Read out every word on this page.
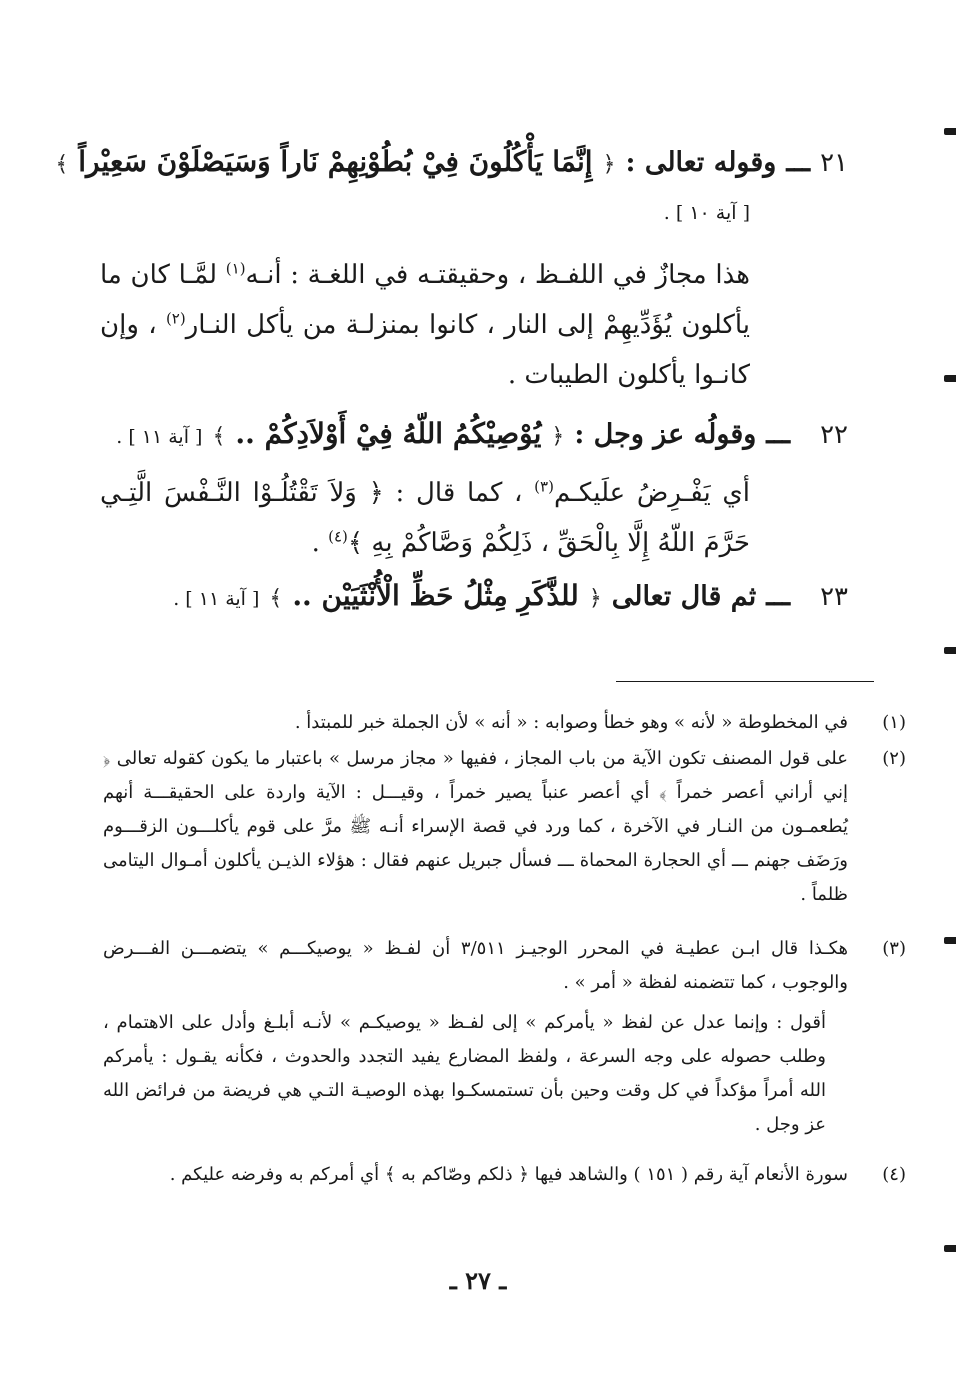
٢١
ـــ
وقوله تعالى :
﴿
إِنَّمَا يَأْكُلُونَ فِيْ بُطُوْنِهِمْ نَاراً وَسَيَصْلَوْنَ سَعِيْراً
﴾
[ آية ١٠ ] .
هذا مجازٌ في اللفـظ ، وحقيقتـه في اللغـة : أنـه$^{(١)}$ لمَّـا كان ما يأكلون يُؤَدِّيهِمْ إلى النار ، كانوا بمنزلـة من يأكل النـار$^{(٢)}$ ، وإن كانـوا يأكلون الطيبات .
٢٢
ـــ
وقولُه عز وجل :
﴿
يُوْصِيْكُمُ اللّهُ فِيْ أَوْلاَدِكُمْ ..
﴾
[ آية ١١ ] .
أي يَفْـرِضُ علَيكـم$^{(٣)}$ ، كما قال : ﴿ وَلاَ تَقْتُلُـوْا النَّـفْسَ الَّتِـي حَرَّمَ اللّهُ إِلَّا بِالْحَقِّ ، ذَلِكُمْ وَصَّاكُمْ بِهِ ﴾$^{(٤)}$ .
٢٣
ـــ
ثم قال تعالى
﴿
للذَّكَرِ مِثْلُ حَظِّ الْأُنْثَيَيْن ..
﴾
[ آية ١١ ] .
(١)
في المخطوطة « لأنه » وهو خطأ وصوابه : « أنه » لأن الجملة خبر للمبتدأ .
(٢)
على قول المصنف تكون الآية من باب المجاز ، ففيها « مجاز مرسل » باعتبار ما يكون كقوله تعالى ﴿ إني أراني أعصر خمراً ﴾ أي أعصر عنباً يصير خمراً ، وقيـــل : الآية واردة على الحقيقـــة أنهم يُطعمـون من النـار في الآخرة ، كما ورد في قصة الإسراء أنـه ﷺ مرَّ على قوم يأكلـــون الزقـــوم ورَضَف جهنم ـــ أي الحجارة المحماة ـــ فسأل جبريل عنهم فقال : هؤلاء الذيـن يأكلون أمـوال اليتامى ظلماً .
(٣)
هكـذا قال ابـن عطيـة في المحرر الوجيـز ٣/٥١١ أن لفـظ « يوصيكـــم » يتضمـــن الفـــرض والوجوب ، كما تتضمنه لفظة « أمر » .
أقول : وإنما عدل عن لفظ « يأمركم » إلى لفـظ « يوصيكـم » لأنـه أبلـغ وأدل على الاهتمام ، وطلب حصوله على وجه السرعة ، ولفظ المضارع يفيد التجدد والحدوث ، فكأنه يقـول : يأمركم الله أمراً مؤكداً في كل وقت وحين بأن تستمسكـوا بهذه الوصيـة التـي هي فريضة من فرائض الله عز وجل .
(٤)
سورة الأنعام آية رقم ( ١٥١ ) والشاهد فيها ﴿ ذلكم وصّاكم به ﴾ أي أمركم به وفرضه عليكم .
ـ ٢٧ ـ
